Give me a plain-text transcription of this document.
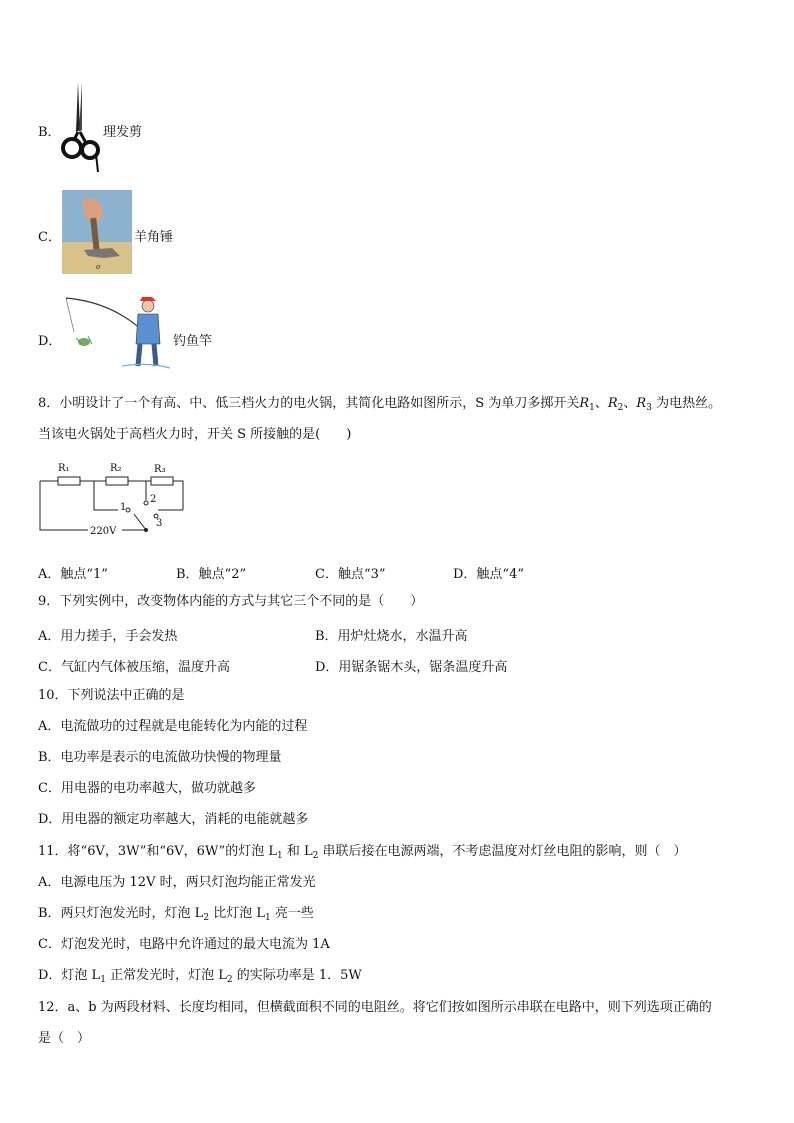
B．	理发剪
C．
o
羊角锤
D．	钓鱼竿
8．小明设计了一个有高、中、低三档火力的电火锅，其简化电路如图所示，S 为单刀多掷开关$R_1$、$R_2$、$R_3$ 为电热丝。
当该电火锅处于高档火力时，开关 S 所接触的是(　　)
R₁	R₂	R₃
220V
1
2
3
A．触点“1”	B．触点“2”	C．触点“3”	D．触点“4”
9．下列实例中，改变物体内能的方式与其它三个不同的是（　　）
A．用力搓手，手会发热	B．用炉灶烧水，水温升高
C．气缸内气体被压缩，温度升高	D．用锯条锯木头，锯条温度升高
10．下列说法中正确的是
A．电流做功的过程就是电能转化为内能的过程
B．电功率是表示的电流做功快慢的物理量
C．用电器的电功率越大，做功就越多
D．用电器的额定功率越大，消耗的电能就越多
11．将“6V，3W”和“6V，6W”的灯泡 $L_1$ 和 $L_2$ 串联后接在电源两端，不考虑温度对灯丝电阻的影响，则（　）
A．电源电压为 12V 时，两只灯泡均能正常发光
B．两只灯泡发光时，灯泡 $L_2$ 比灯泡 $L_1$ 亮一些
C．灯泡发光时，电路中允许通过的最大电流为 1A
D．灯泡 $L_1$ 正常发光时，灯泡 $L_2$ 的实际功率是 1．5W
12．a、b 为两段材料、长度均相同，但横截面积不同的电阻丝。将它们按如图所示串联在电路中，则下列选项正确的
是（　）
